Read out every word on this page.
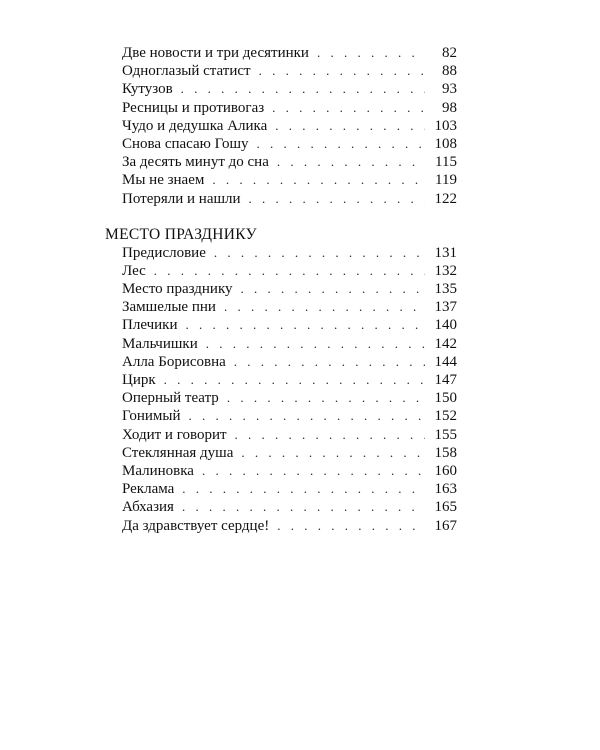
Две новости и три десятинки . . .	82
Одноглазый статист . . .	88
Кутузов . . .	93
Ресницы и противогаз . . .	98
Чудо и дедушка Алика . . .	103
Снова спасаю Гошу . . .	108
За десять минут до сна . . .	115
Мы не знаем . . .	119
Потеряли и нашли . . .	122
МЕСТО ПРАЗДНИКУ
Предисловие . . .	131
Лес . . .	132
Место празднику . . .	135
Замшелые пни . . .	137
Плечики . . .	140
Мальчишки . . .	142
Алла Борисовна . . .	144
Цирк . . .	147
Оперный театр . . .	150
Гонимый . . .	152
Ходит и говорит . . .	155
Стеклянная душа . . .	158
Малиновка . . .	160
Реклама . . .	163
Абхазия . . .	165
Да здравствует сердце! . . .	167
